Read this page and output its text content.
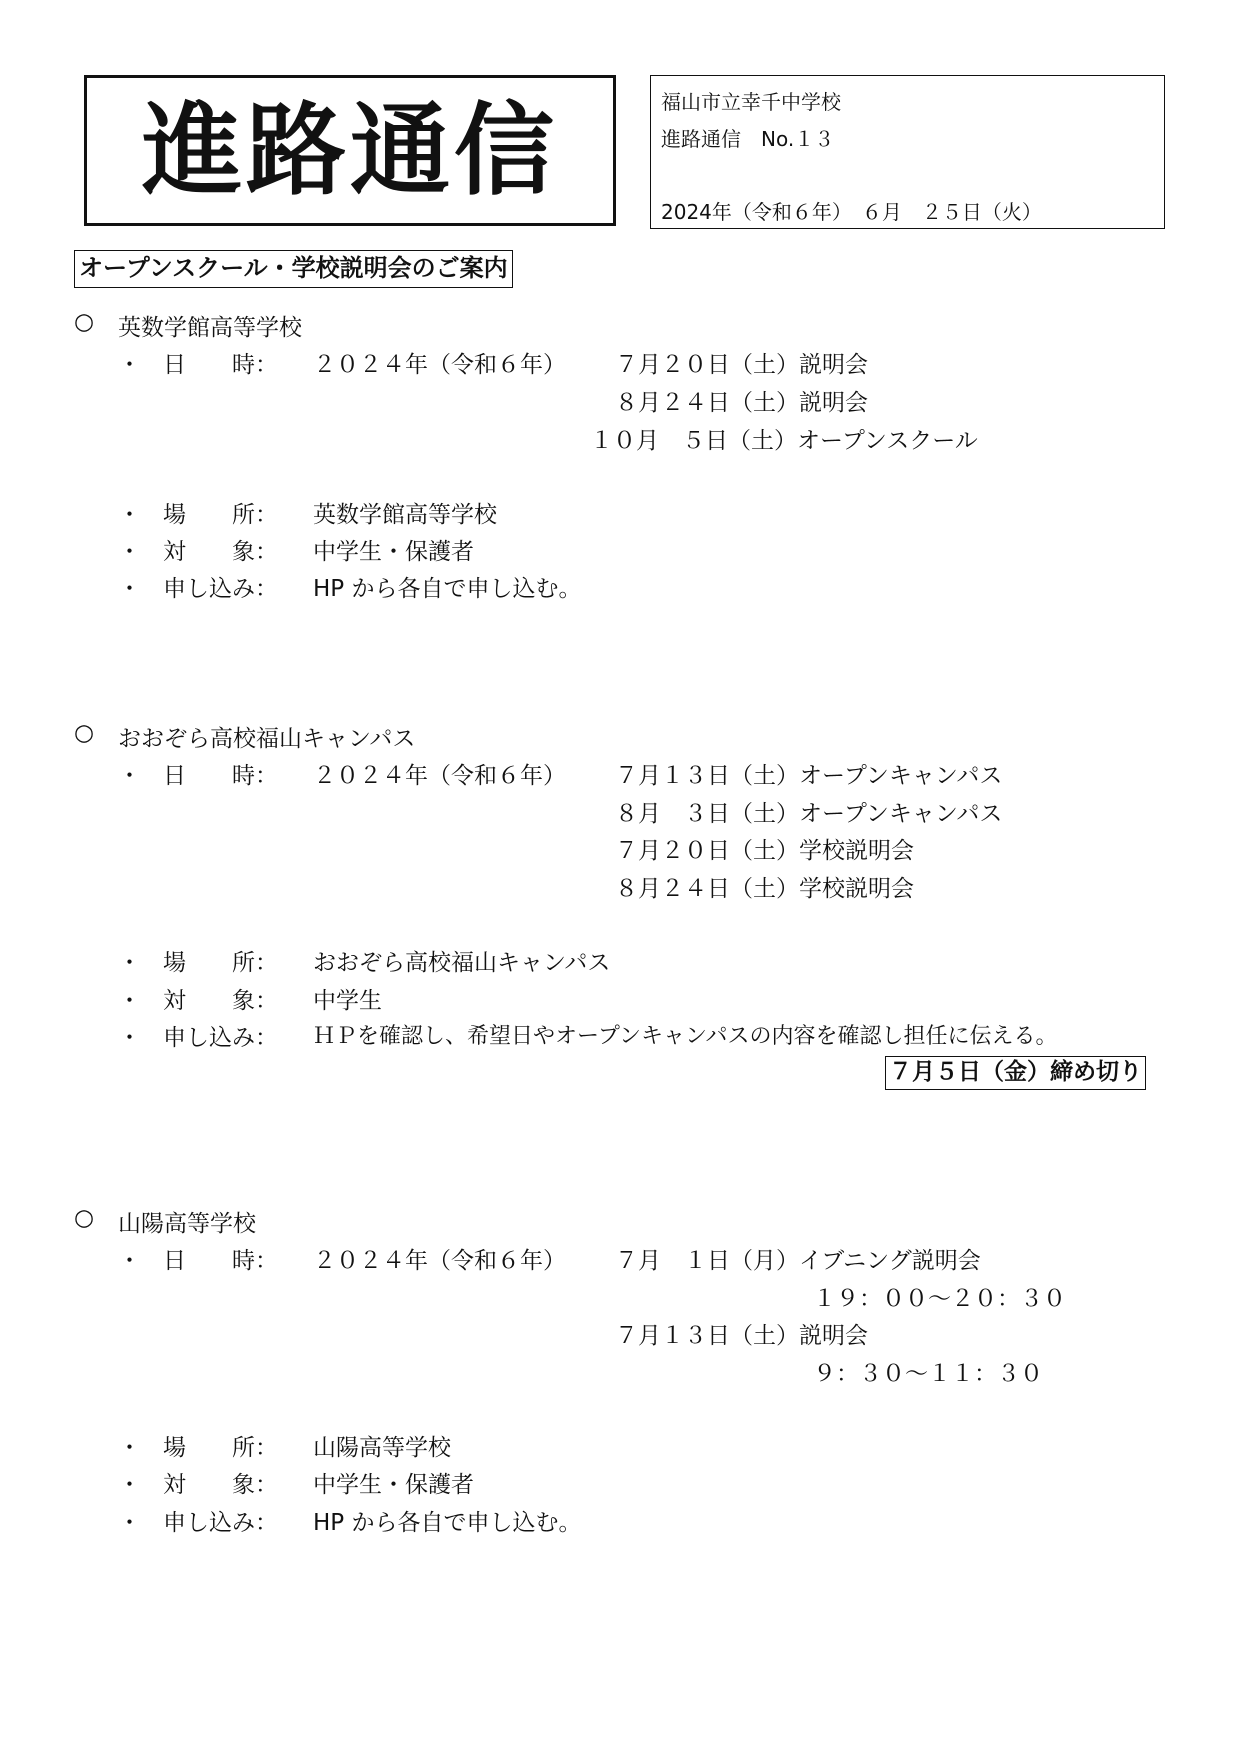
進路通信	福山市立幸千中学校
進路通信　No.１３
2024年（令和６年）　６月　２５日（火）
オープンスクール・学校説明会のご案内
○ 英数学館高等学校
・ 日　　時： ２０２４年（令和６年） ７月２０日（土）説明会
８月２４日（土）説明会
１０月　５日（土）オープンスクール
・ 場　　所： 英数学館高等学校
・ 対　　象： 中学生・保護者
・ 申し込み： HP から各自で申し込む。
○ おおぞら高校福山キャンパス
・ 日　　時： ２０２４年（令和６年） ７月１３日（土）オープンキャンパス
８月　３日（土）オープンキャンパス
７月２０日（土）学校説明会
８月２４日（土）学校説明会
・ 場　　所： おおぞら高校福山キャンパス
・ 対　　象： 中学生
・ 申し込み： ＨＰを確認し、希望日やオープンキャンパスの内容を確認し担任に伝える。
７月５日（金）締め切り
○ 山陽高等学校
・ 日　　時： ２０２４年（令和６年） ７月　１日（月）イブニング説明会
１９：００～２０：３０
７月１３日（土）説明会
９：３０～１１：３０
・ 場　　所： 山陽高等学校
・ 対　　象： 中学生・保護者
・ 申し込み： HP から各自で申し込む。
